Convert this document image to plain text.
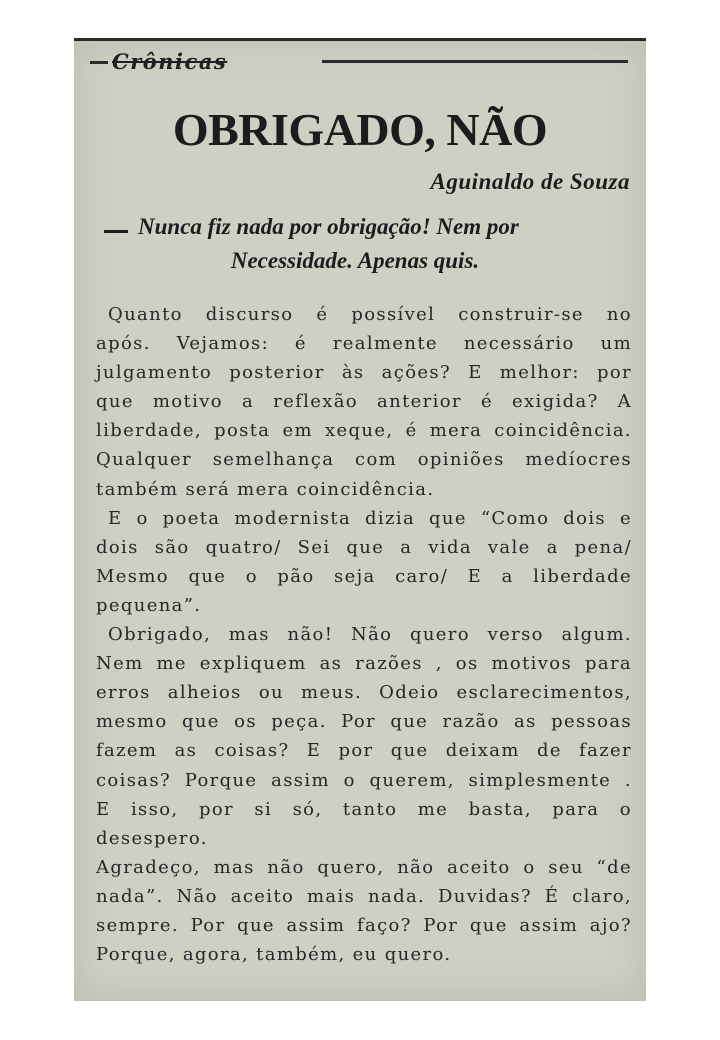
Crônicas
OBRIGADO, NÃO
Aguinaldo de Souza
Nunca fiz nada por obrigação! Nem por
Necessidade. Apenas quis.
Quanto discurso é possível construir-se no
após. Vejamos: é realmente necessário um
julgamento posterior às ações? E melhor: por
que motivo a reflexão anterior é exigida? A
liberdade, posta em xeque, é mera coincidência.
Qualquer semelhança com opiniões medíocres
também será mera coincidência.
E o poeta modernista dizia que “Como dois e
dois são quatro/ Sei que a vida vale a pena/
Mesmo que o pão seja caro/ E a liberdade
pequena”.
Obrigado, mas não! Não quero verso algum.
Nem me expliquem as razões , os motivos para
erros alheios ou meus. Odeio esclarecimentos,
mesmo que os peça. Por que razão as pessoas
fazem as coisas? E por que deixam de fazer
coisas? Porque assim o querem, simplesmente .
E isso, por si só, tanto me basta, para o
desespero.
Agradeço, mas não quero, não aceito o seu “de
nada”. Não aceito mais nada. Duvidas? É claro,
sempre. Por que assim faço? Por que assim ajo?
Porque, agora, também, eu quero.
